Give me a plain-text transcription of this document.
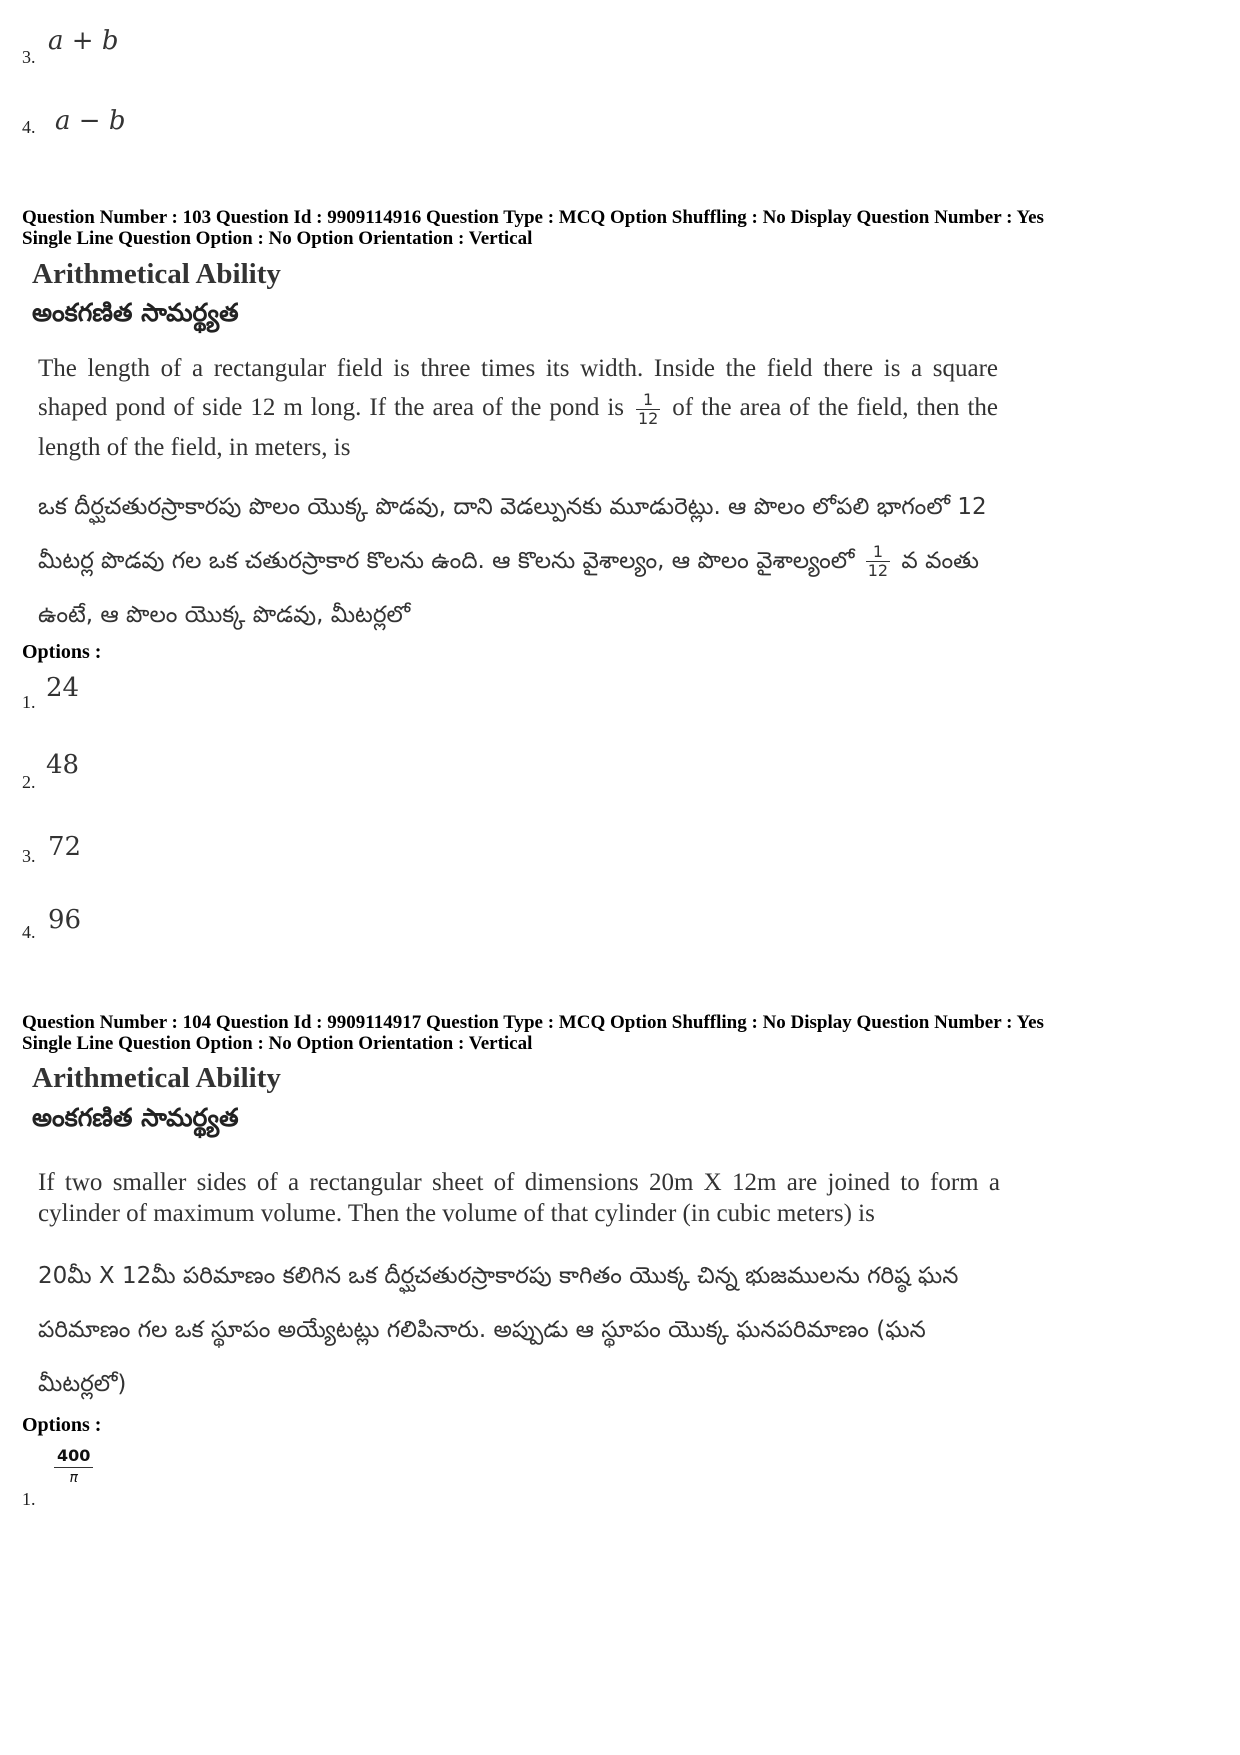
3.
a + b
4. a − b
Question Number : 103 Question Id : 9909114916 Question Type : MCQ Option Shuffling : No Display Question Number : Yes
Single Line Question Option : No Option Orientation : Vertical
Arithmetical Ability
అంకగణిత సామర్థ్యత
The length of a rectangular field is three times its width. Inside the field there is a square shaped pond of side 12 m long. If the area of the pond is $\frac{1}{12}$ of the area of the field, then the length of the field, in meters, is
ఒక దీర్ఘచతురస్రాకారపు పొలం యొక్క పొడవు, దాని వెడల్పునకు మూడురెట్లు. ఆ పొలం లోపలి భాగంలో 12 మీటర్ల పొడవు గల ఒక చతురస్రాకార కొలను ఉంది. ఆ కొలను వైశాల్యం, ఆ పొలం వైశాల్యంలో $\frac{1}{12}$ వ వంతు ఉంటే, ఆ పొలం యొక్క పొడవు, మీటర్లలో
Options :
1. 24
2.
48
3. 72
4. 96
Question Number : 104 Question Id : 9909114917 Question Type : MCQ Option Shuffling : No Display Question Number : Yes
Single Line Question Option : No Option Orientation : Vertical
Arithmetical Ability
అంకగణిత సామర్థ్యత
If two smaller sides of a rectangular sheet of dimensions 20m X 12m are joined to form a cylinder of maximum volume. Then the volume of that cylinder (in cubic meters) is
20మీ X 12మీ పరిమాణం కలిగిన ఒక దీర్ఘచతురస్రాకారపు కాగితం యొక్క చిన్న భుజములను గరిష్ఠ ఘన పరిమాణం గల ఒక స్థూపం అయ్యేటట్లు గలిపినారు. అప్పుడు ఆ స్థూపం యొక్క ఘనపరిమాణం (ఘన మీటర్లలో)
Options :
1.
$\frac{400}{\pi}$
